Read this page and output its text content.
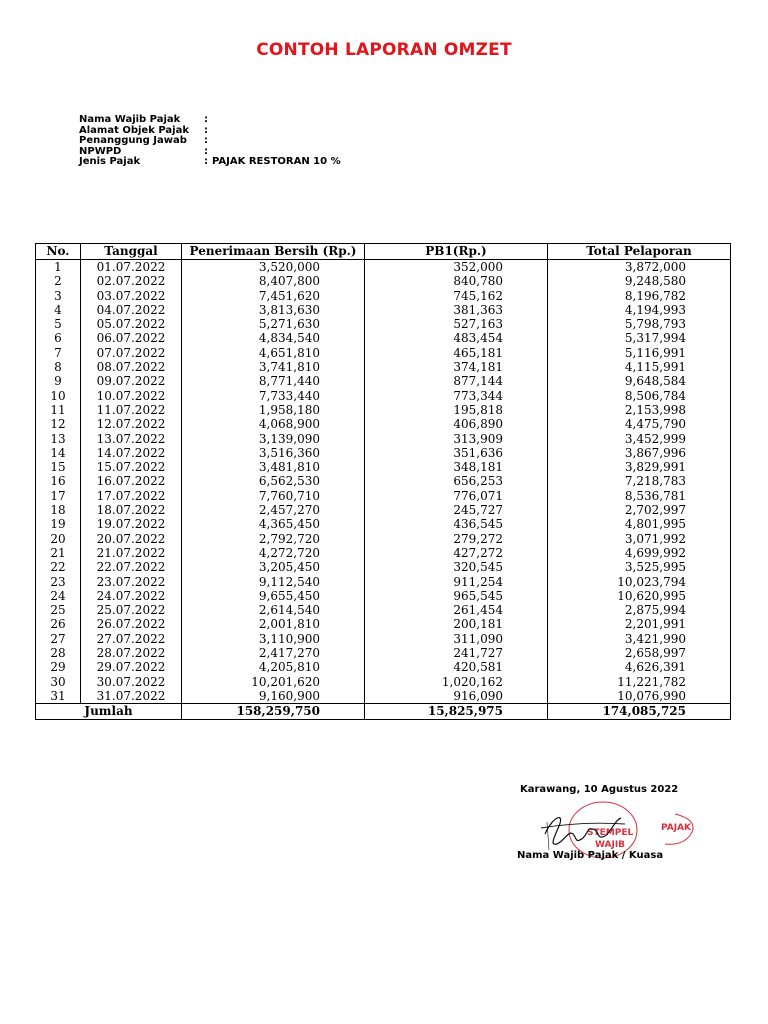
CONTOH LAPORAN OMZET
Nama Wajib Pajak	:
Alamat Objek Pajak	:
Penanggung Jawab	:
NPWPD	:
Jenis Pajak	: PAJAK RESTORAN 10 %
No.	Tanggal	Penerimaan Bersih (Rp.)	PB1(Rp.)	Total Pelaporan
1	01.07.2022	3,520,000	352,000	3,872,000
2	02.07.2022	8,407,800	840,780	9,248,580
3	03.07.2022	7,451,620	745,162	8,196,782
4	04.07.2022	3,813,630	381,363	4,194,993
5	05.07.2022	5,271,630	527,163	5,798,793
6	06.07.2022	4,834,540	483,454	5,317,994
7	07.07.2022	4,651,810	465,181	5,116,991
8	08.07.2022	3,741,810	374,181	4,115,991
9	09.07.2022	8,771,440	877,144	9,648,584
10	10.07.2022	7,733,440	773,344	8,506,784
11	11.07.2022	1,958,180	195,818	2,153,998
12	12.07.2022	4,068,900	406,890	4,475,790
13	13.07.2022	3,139,090	313,909	3,452,999
14	14.07.2022	3,516,360	351,636	3,867,996
15	15.07.2022	3,481,810	348,181	3,829,991
16	16.07.2022	6,562,530	656,253	7,218,783
17	17.07.2022	7,760,710	776,071	8,536,781
18	18.07.2022	2,457,270	245,727	2,702,997
19	19.07.2022	4,365,450	436,545	4,801,995
20	20.07.2022	2,792,720	279,272	3,071,992
21	21.07.2022	4,272,720	427,272	4,699,992
22	22.07.2022	3,205,450	320,545	3,525,995
23	23.07.2022	9,112,540	911,254	10,023,794
24	24.07.2022	9,655,450	965,545	10,620,995
25	25.07.2022	2,614,540	261,454	2,875,994
26	26.07.2022	2,001,810	200,181	2,201,991
27	27.07.2022	3,110,900	311,090	3,421,990
28	28.07.2022	2,417,270	241,727	2,658,997
29	29.07.2022	4,205,810	420,581	4,626,391
30	30.07.2022	10,201,620	1,020,162	11,221,782
31	31.07.2022	9,160,900	916,090	10,076,990
Jumlah		158,259,750	15,825,975	174,085,725
Karawang, 10 Agustus 2022
STEMPEL
WAJIB
PAJAK
Nama Wajib Pajak / Kuasa
